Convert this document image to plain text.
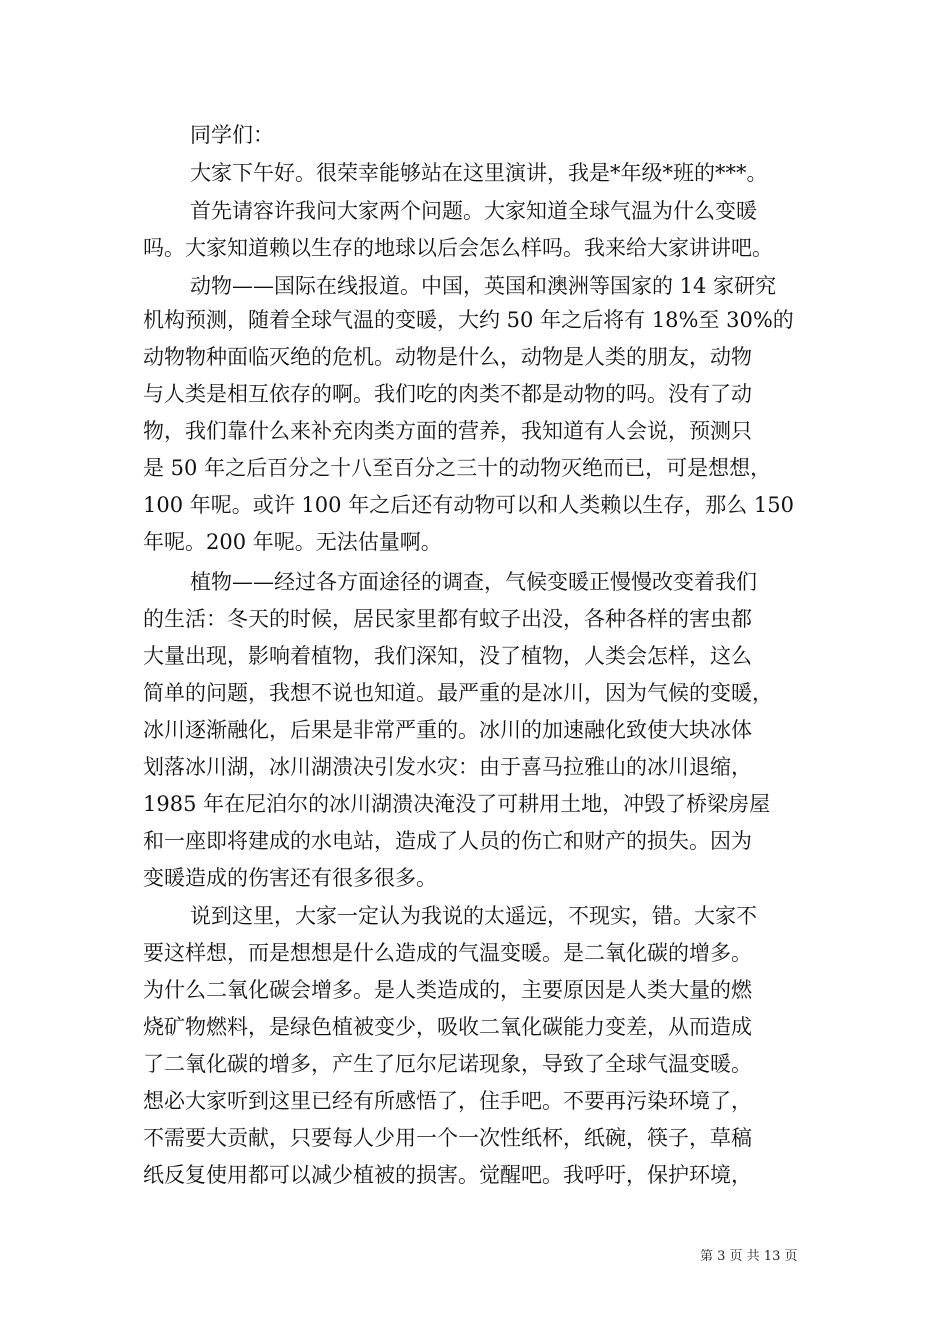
同学们：
大家下午好。很荣幸能够站在这里演讲，我是*年级*班的***。
首先请容许我问大家两个问题。大家知道全球气温为什么变暖
吗。大家知道赖以生存的地球以后会怎么样吗。我来给大家讲讲吧。
动物——国际在线报道。中国，英国和澳洲等国家的 14 家研究
机构预测，随着全球气温的变暖，大约 50 年之后将有 18%至 30%的
动物物种面临灭绝的危机。动物是什么，动物是人类的朋友，动物
与人类是相互依存的啊。我们吃的肉类不都是动物的吗。没有了动
物，我们靠什么来补充肉类方面的营养，我知道有人会说，预测只
是 50 年之后百分之十八至百分之三十的动物灭绝而已，可是想想，
100 年呢。或许 100 年之后还有动物可以和人类赖以生存，那么 150
年呢。200 年呢。无法估量啊。
植物——经过各方面途径的调查，气候变暖正慢慢改变着我们
的生活：冬天的时候，居民家里都有蚊子出没，各种各样的害虫都
大量出现，影响着植物，我们深知，没了植物，人类会怎样，这么
简单的问题，我想不说也知道。最严重的是冰川，因为气候的变暖，
冰川逐渐融化，后果是非常严重的。冰川的加速融化致使大块冰体
划落冰川湖，冰川湖溃决引发水灾：由于喜马拉雅山的冰川退缩，
1985 年在尼泊尔的冰川湖溃决淹没了可耕用土地，冲毁了桥梁房屋
和一座即将建成的水电站，造成了人员的伤亡和财产的损失。因为
变暖造成的伤害还有很多很多。
说到这里，大家一定认为我说的太遥远，不现实，错。大家不
要这样想，而是想想是什么造成的气温变暖。是二氧化碳的增多。
为什么二氧化碳会增多。是人类造成的，主要原因是人类大量的燃
烧矿物燃料，是绿色植被变少，吸收二氧化碳能力变差，从而造成
了二氧化碳的增多，产生了厄尔尼诺现象，导致了全球气温变暖。
想必大家听到这里已经有所感悟了，住手吧。不要再污染环境了，
不需要大贡献，只要每人少用一个一次性纸杯，纸碗，筷子，草稿
纸反复使用都可以减少植被的损害。觉醒吧。我呼吁，保护环境，
第 3 页 共 13 页
